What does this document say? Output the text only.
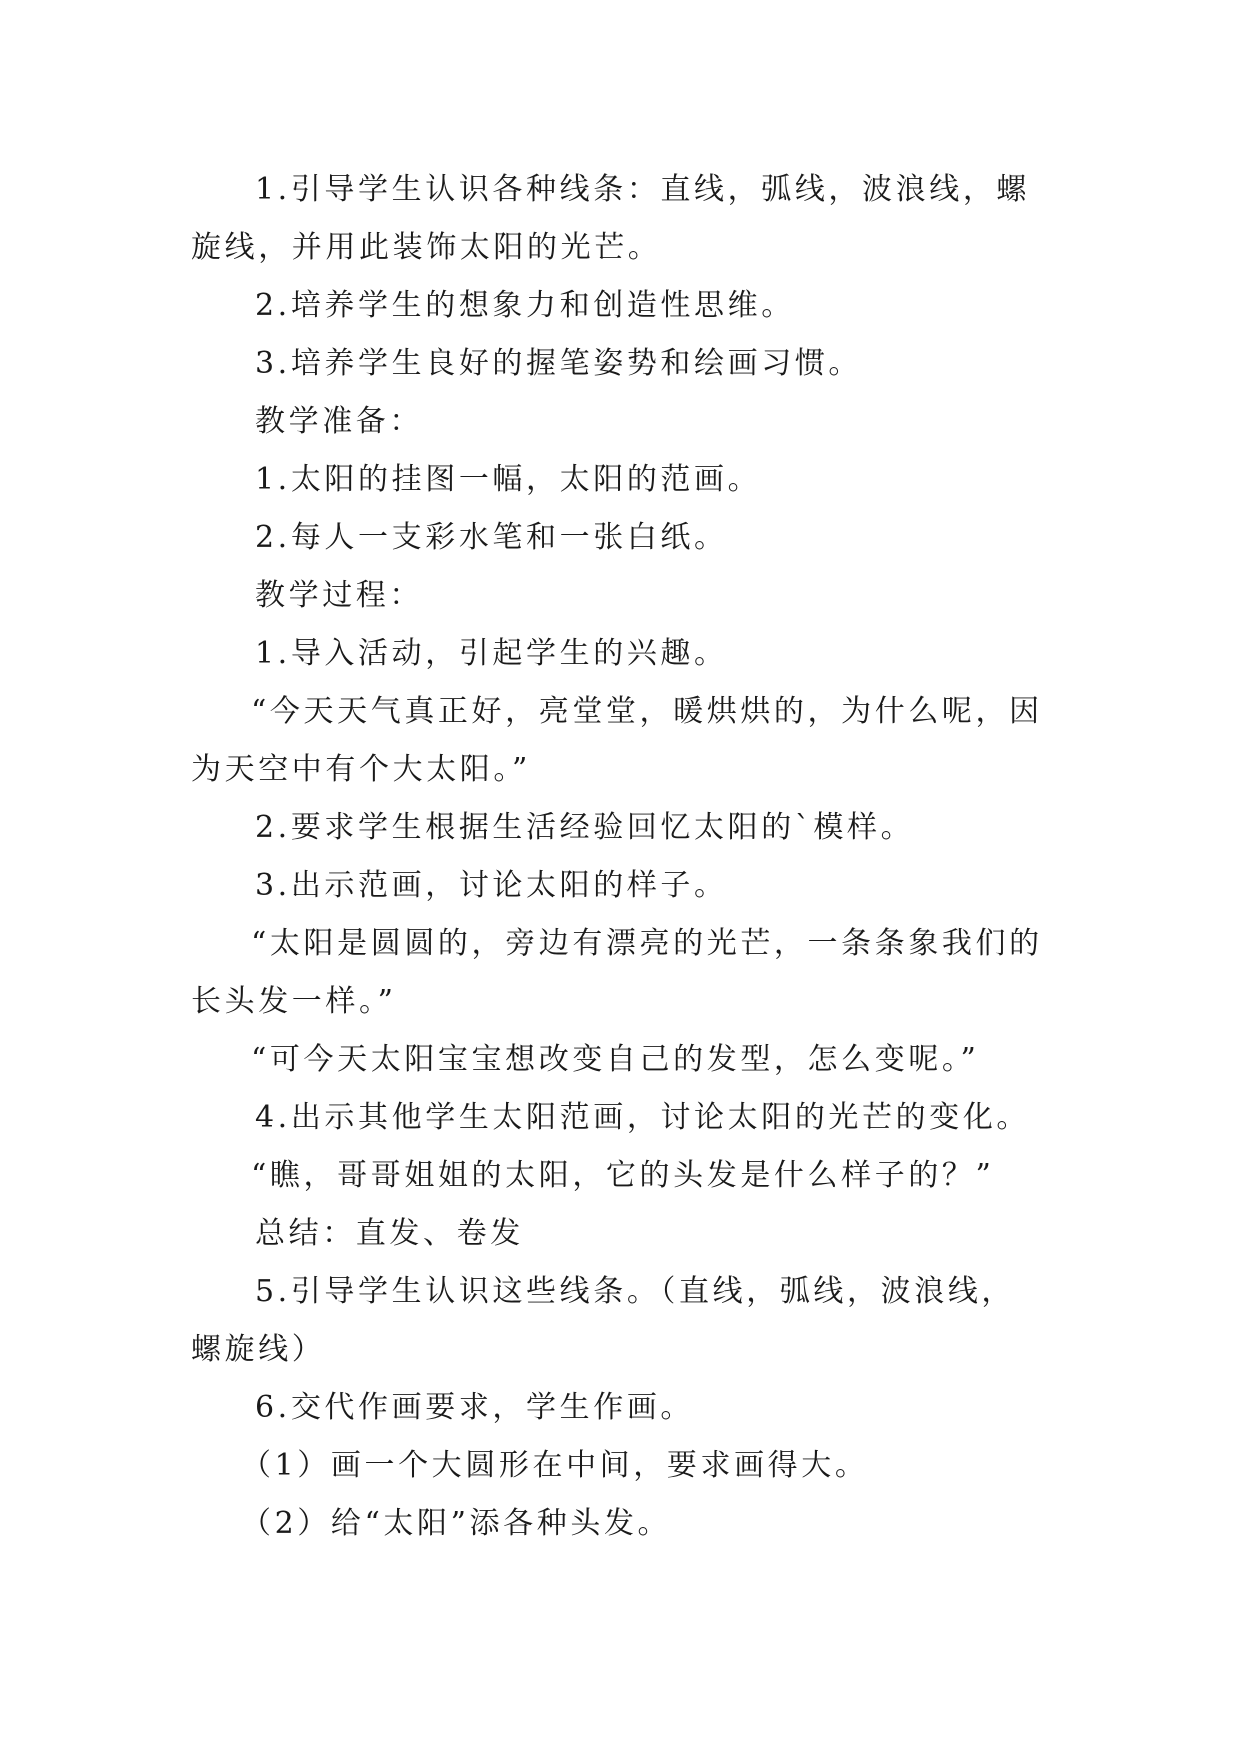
1.引导学生认识各种线条：直线，弧线，波浪线，螺旋线，并用此装饰太阳的光芒。

2.培养学生的想象力和创造性思维。

3.培养学生良好的握笔姿势和绘画习惯。

教学准备：

1.太阳的挂图一幅，太阳的范画。

2.每人一支彩水笔和一张白纸。

教学过程：

1.导入活动，引起学生的兴趣。

“今天天气真正好，亮堂堂，暖烘烘的，为什么呢，因为天空中有个大太阳。”

2.要求学生根据生活经验回忆太阳的`模样。

3.出示范画，讨论太阳的样子。

“太阳是圆圆的，旁边有漂亮的光芒，一条条象我们的长头发一样。”

“可今天太阳宝宝想改变自己的发型，怎么变呢。”

4.出示其他学生太阳范画，讨论太阳的光芒的变化。

“瞧，哥哥姐姐的太阳，它的头发是什么样子的？”

总结：直发、卷发

5.引导学生认识这些线条。（直线，弧线，波浪线，螺旋线）

6.交代作画要求，学生作画。

（1）画一个大圆形在中间，要求画得大。

（2）给“太阳”添各种头发。
